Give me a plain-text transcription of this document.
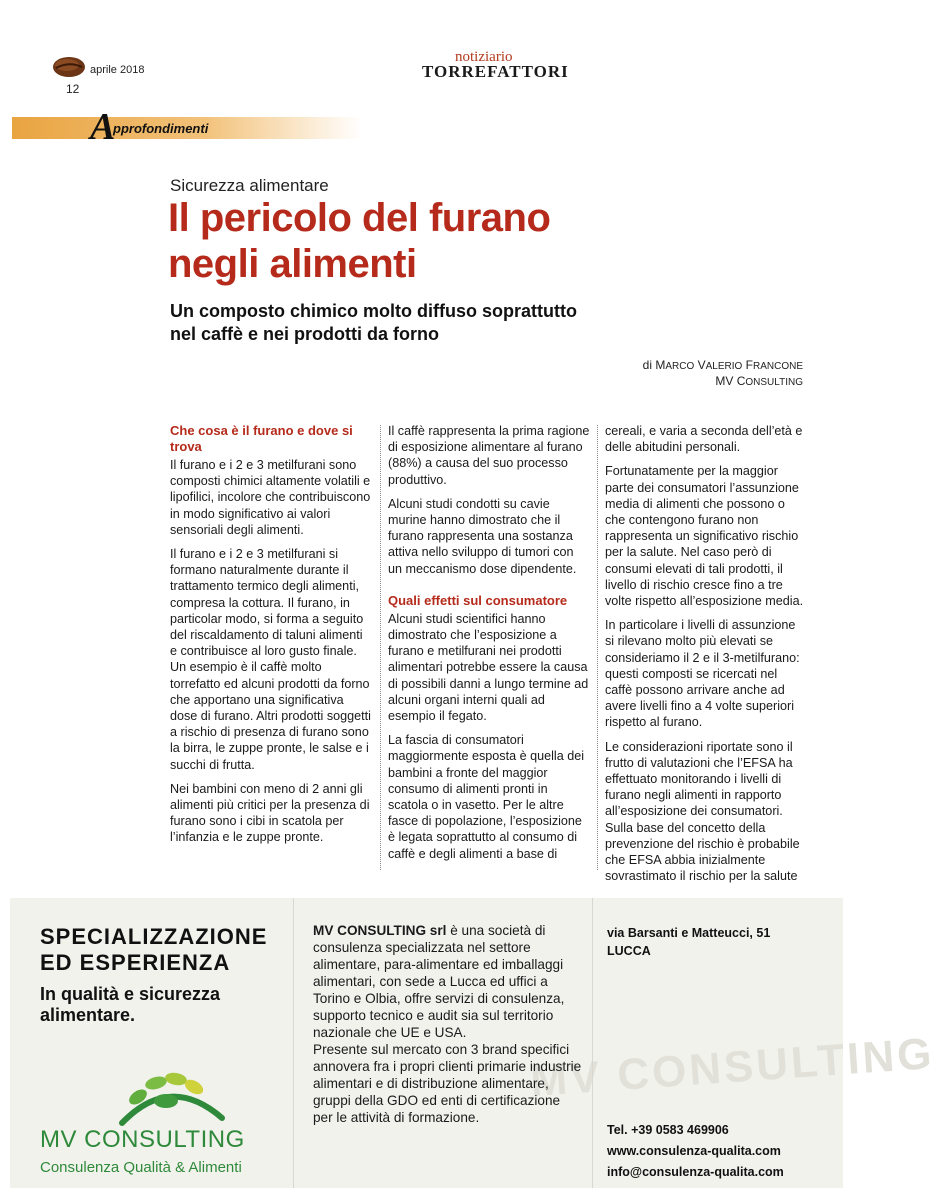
aprile 2018
12
notiziario
TORREFATTORI
A
pprofondimenti
Sicurezza alimentare
Il pericolo del furano
negli alimenti
Un composto chimico molto diffuso soprattutto
nel caffè e nei prodotti da forno
di MARCO VALERIO FRANCONE
MV CONSULTING
Che cosa è il furano e dove si trova

Il furano e i 2 e 3 metilfurani sono composti chimici altamente volatili e lipofilici, incolore che contribuiscono in modo significativo ai valori sensoriali degli alimenti.

Il furano e i 2 e 3 metilfurani si formano naturalmente durante il trattamento termico degli alimenti, compresa la cottura. Il furano, in particolar modo, si forma a seguito del riscaldamento di taluni alimenti e contribuisce al loro gusto finale. Un esempio è il caffè molto torrefatto ed alcuni prodotti da forno che apportano una significativa dose di furano. Altri prodotti soggetti a rischio di presenza di furano sono la birra, le zuppe pronte, le salse e i succhi di frutta.

Nei bambini con meno di 2 anni gli alimenti più critici per la presenza di furano sono i cibi in scatola per l’infanzia e le zuppe pronte.

Il caffè rappresenta la prima ragione di esposizione alimentare al furano (88%) a causa del suo processo produttivo.

Alcuni studi condotti su cavie murine hanno dimostrato che il furano rappresenta una sostanza attiva nello sviluppo di tumori con un meccanismo dose dipendente.

Quali effetti sul consumatore

Alcuni studi scientifici hanno dimostrato che l’esposizione a furano e metilfurani nei prodotti alimentari potrebbe essere la causa di possibili danni a lungo termine ad alcuni organi interni quali ad esempio il fegato.

La fascia di consumatori maggiormente esposta è quella dei bambini a fronte del maggior consumo di alimenti pronti in scatola o in vasetto. Per le altre fasce di popolazione, l’esposizione è legata soprattutto al consumo di caffè e degli alimenti a base di

cereali, e varia a seconda dell’età e delle abitudini personali.

Fortunatamente per la maggior parte dei consumatori l’assunzione media di alimenti che possono o che contengono furano non rappresenta un significativo rischio per la salute. Nel caso però di consumi elevati di tali prodotti, il livello di rischio cresce fino a tre volte rispetto all’esposizione media.

In particolare i livelli di assunzione si rilevano molto più elevati se consideriamo il 2 e il 3-metilfurano: questi composti se ricercati nel caffè possono arrivare anche ad avere livelli fino a 4 volte superiori rispetto al furano.

Le considerazioni riportate sono il frutto di valutazioni che l’EFSA ha effettuato monitorando i livelli di furano negli alimenti in rapporto all’esposizione dei consumatori. Sulla base del concetto della prevenzione del rischio è probabile che EFSA abbia inizialmente sovrastimato il rischio per la salute

MV CONSULTING
SPECIALIZZAZIONE
ED ESPERIENZA
In qualità e sicurezza
alimentare.
MV CONSULTING
Consulenza Qualità & Alimenti

MV CONSULTING srl è una società di consulenza specializzata nel settore alimentare, para-alimentare ed imballaggi alimentari, con sede a Lucca ed uffici a Torino e Olbia, offre servizi di consulenza, supporto tecnico e audit sia sul territorio nazionale che UE e USA.
Presente sul mercato con 3 brand specifici annovera fra i propri clienti primarie industrie alimentari e di distribuzione alimentare, gruppi della GDO ed enti di certificazione per le attività di formazione.

via Barsanti e Matteucci, 51
LUCCA

Tel. +39 0583 469906
www.consulenza-qualita.com
info@consulenza-qualita.com
